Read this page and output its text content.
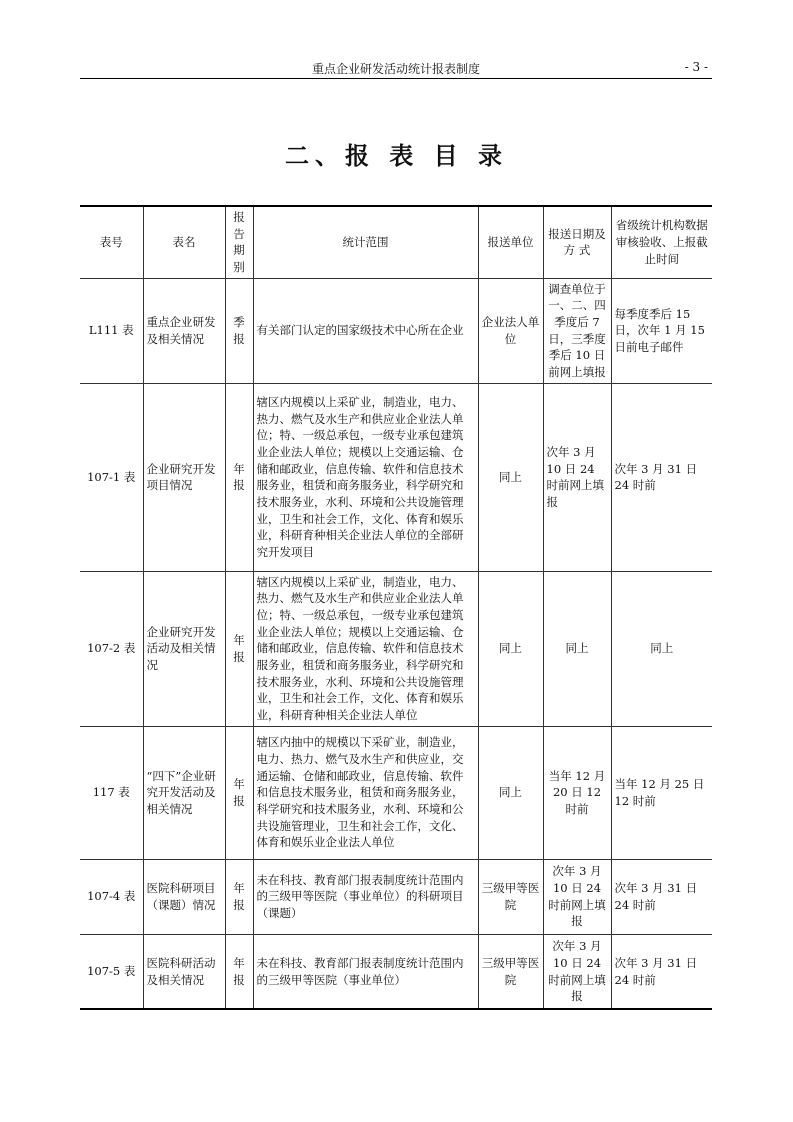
重点企业研发活动统计报表制度	- 3 -
二、报 表 目 录
表号	表名	报告期别	统计范围	报送单位	报送日期及 方 式	省级统计机构数据审核验收、上报截止时间
L111 表	重点企业研发及相关情况	季报	有关部门认定的国家级技术中心所在企业	企业法人单位	调查单位于一、二、四季度后 7 日，三季度季后 10 日前网上填报	每季度季后 15 日，次年 1 月 15 日前电子邮件
107-1 表	企业研究开发项目情况	年报	辖区内规模以上采矿业，制造业，电力、热力、燃气及水生产和供应业企业法人单位；特、一级总承包，一级专业承包建筑业企业法人单位；规模以上交通运输、仓储和邮政业，信息传输、软件和信息技术服务业，租赁和商务服务业，科学研究和技术服务业，水利、环境和公共设施管理业，卫生和社会工作，文化、体育和娱乐业，科研育种相关企业法人单位的全部研究开发项目	同上	次年 3 月 10 日 24 时前网上填报	次年 3 月 31 日 24 时前
107-2 表	企业研究开发活动及相关情况	年报	辖区内规模以上采矿业，制造业，电力、热力、燃气及水生产和供应业企业法人单位；特、一级总承包，一级专业承包建筑业企业法人单位；规模以上交通运输、仓储和邮政业，信息传输、软件和信息技术服务业，租赁和商务服务业，科学研究和技术服务业，水利、环境和公共设施管理业，卫生和社会工作，文化、体育和娱乐业，科研育种相关企业法人单位	同上	同上	同上
117 表	“四下”企业研究开发活动及相关情况	年报	辖区内抽中的规模以下采矿业，制造业，电力、热力、燃气及水生产和供应业，交通运输、仓储和邮政业，信息传输、软件和信息技术服务业，租赁和商务服务业，科学研究和技术服务业，水利、环境和公共设施管理业，卫生和社会工作，文化、体育和娱乐业企业法人单位	同上	当年 12 月 20 日 12 时前	当年 12 月 25 日 12 时前
107-4 表	医院科研项目（课题）情况	年报	未在科技、教育部门报表制度统计范围内的三级甲等医院（事业单位）的科研项目（课题）	三级甲等医院	次年 3 月 10 日 24 时前网上填报	次年 3 月 31 日 24 时前
107-5 表	医院科研活动及相关情况	年报	未在科技、教育部门报表制度统计范围内的三级甲等医院（事业单位）	三级甲等医院	次年 3 月 10 日 24 时前网上填报	次年 3 月 31 日 24 时前
